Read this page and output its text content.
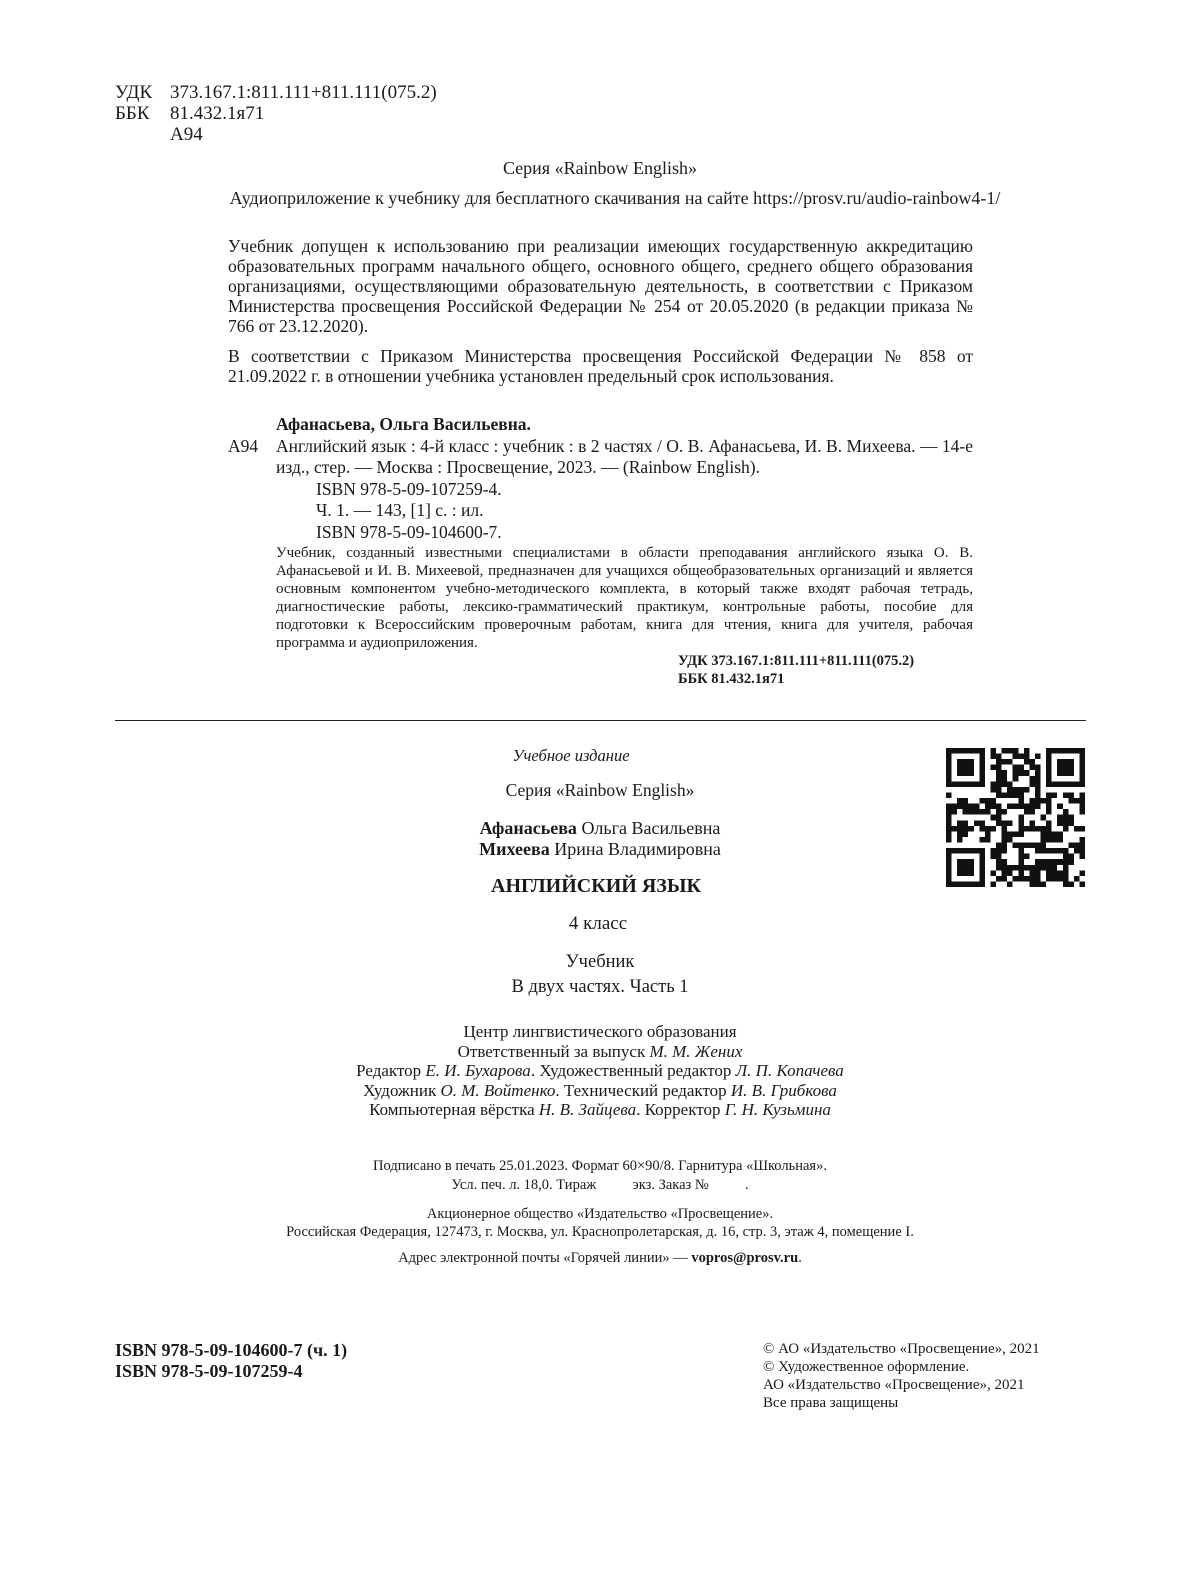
УДК 373.167.1:811.111+811.111(075.2)
ББК	81.432.1я71
А94
Серия «Rainbow English»
Аудиоприложение к учебнику для бесплатного скачивания на сайте https://prosv.ru/audio-rainbow4-1/

Учебник допущен к использованию при реализации имеющих государственную аккредитацию образовательных программ начального общего, основного общего, среднего общего образования организациями, осуществляющими образовательную деятельность, в соответствии с Приказом Министерства просвещения Российской Федерации № 254 от 20.05.2020 (в редакции приказа № 766 от 23.12.2020).

В соответствии с Приказом Министерства просвещения Российской Федерации № 858 от 21.09.2022 г. в отношении учебника установлен предельный срок использования.

Афанасьева, Ольга Васильевна.
А94	Английский язык : 4-й класс : учебник : в 2 частях / О. В. Афанасьева, И. В. Михеева. — 14-е изд., стер. — Москва : Просвещение, 2023. — (Rainbow English).
ISBN 978-5-09-107259-4.
Ч. 1. — 143, [1] с. : ил.
ISBN 978-5-09-104600-7.
Учебник, созданный известными специалистами в области преподавания английского языка О. В. Афанасьевой и И. В. Михеевой, предназначен для учащихся общеобразовательных организаций и является основным компонентом учебно-методического комплекта, в который также входят рабочая тетрадь, диагностические работы, лексико-грамматический практикум, контрольные работы, пособие для подготовки к Всероссийским проверочным работам, книга для чтения, книга для учителя, рабочая программа и аудиоприложения.
УДК 373.167.1:811.111+811.111(075.2)
ББК 81.432.1я71
Учебное издание
Серия «Rainbow English»
Афанасьева Ольга Васильевна
Михеева Ирина Владимировна
АНГЛИЙСКИЙ ЯЗЫК
4 класс
Учебник
В двух частях. Часть 1
Центр лингвистического образования
Ответственный за выпуск М. М. Жених
Редактор Е. И. Бухарова. Художественный редактор Л. П. Копачева
Художник О. М. Войтенко. Технический редактор И. В. Грибкова
Компьютерная вёрстка Н. В. Зайцева. Корректор Г. Н. Кузьмина
Подписано в печать 25.01.2023. Формат 60×90/8. Гарнитура «Школьная».
Усл. печ. л. 18,0. Тираж          экз. Заказ №          .
Акционерное общество «Издательство «Просвещение».
Российская Федерация, 127473, г. Москва, ул. Краснопролетарская, д. 16, стр. 3, этаж 4, помещение I.
Адрес электронной почты «Горячей линии» — vopros@prosv.ru.
ISBN 978-5-09-104600-7 (ч. 1)
ISBN 978-5-09-107259-4
© АО «Издательство «Просвещение», 2021
© Художественное оформление.
АО «Издательство «Просвещение», 2021
Все права защищены
